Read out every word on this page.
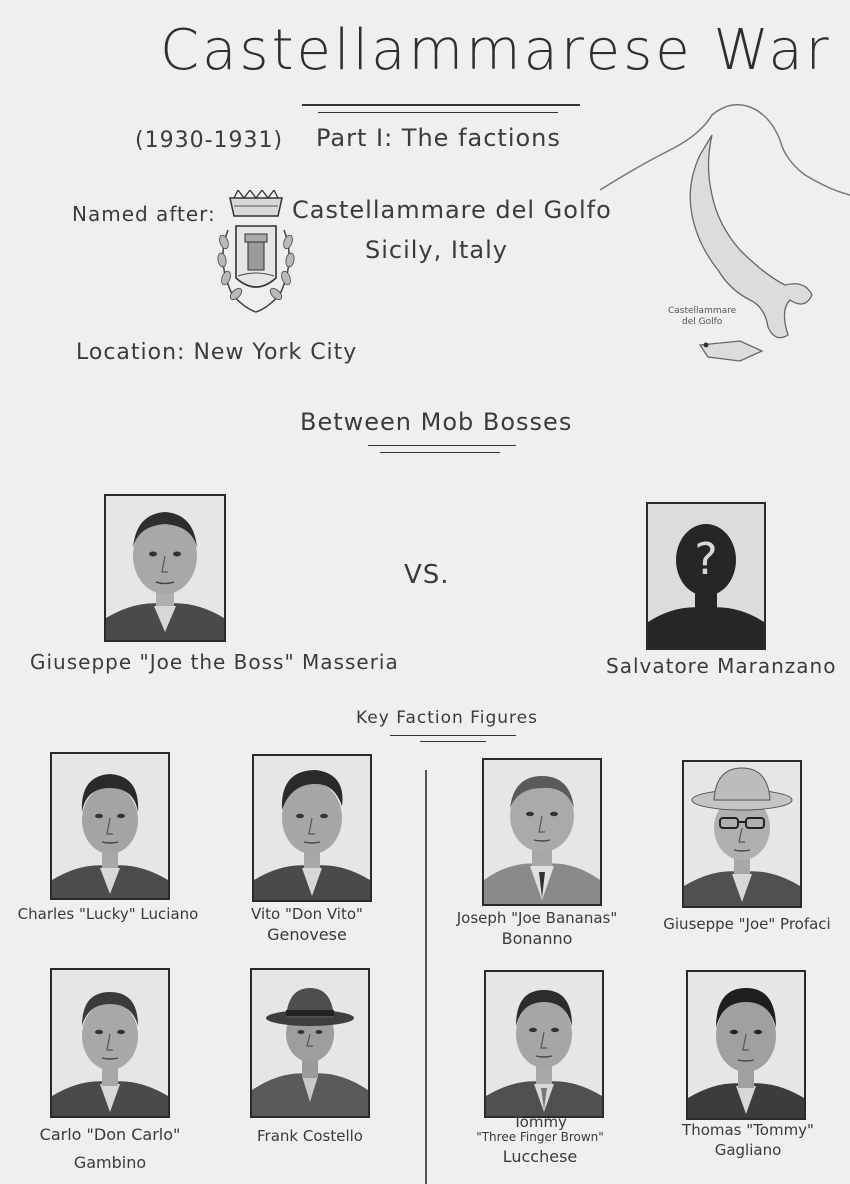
Castellammarese War
(1930-1931) Part I: The factions
Named after:	Castellammare del Golfo
Sicily, Italy
Castellammare
del Golfo
Location: New York City
Between Mob Bosses
VS.	?
Giuseppe "Joe the Boss" Masseria	Salvatore Maranzano
Key Faction Figures
Charles "Lucky" Luciano	Vito "Don Vito"
Genovese
Joseph "Joe Bananas"
Bonanno
Giuseppe "Joe" Profaci
Carlo "Don Carlo"
Gambino
Frank Costello
Tommy
"Three Finger Brown"
Lucchese
Thomas "Tommy" Gagliano
